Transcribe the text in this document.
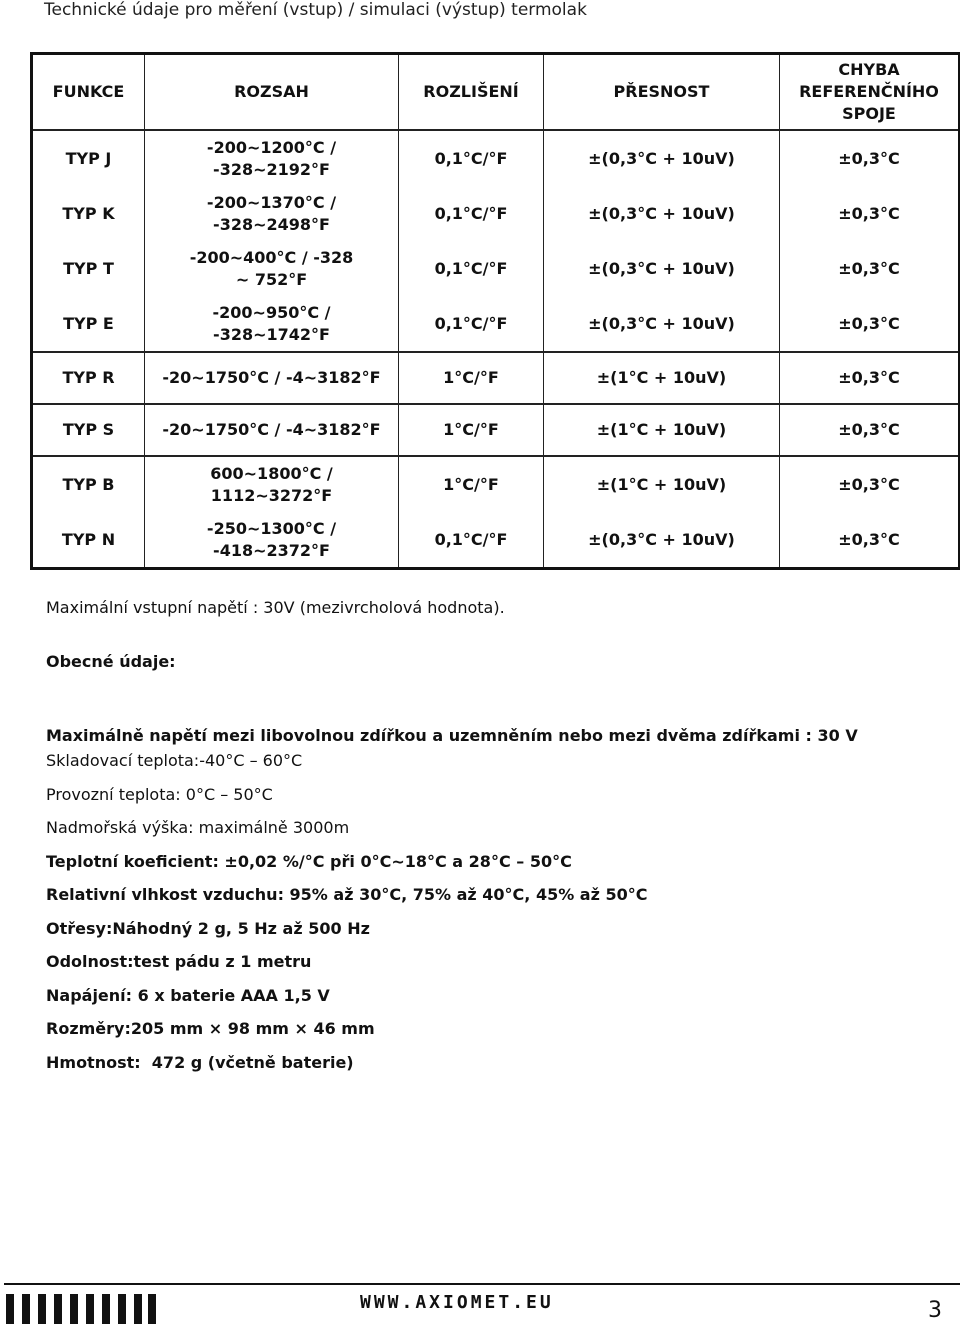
Technické údaje pro měření (vstup) / simulaci (výstup) termolak
FUNKCE	ROZSAH	ROZLIŠENÍ	PŘESNOST	CHYBA REFERENČNÍHO SPOJE
TYP J	-200~1200°C / -328~2192°F	0,1°C/°F	±(0,3°C + 10uV)	±0,3°C
TYP K	-200~1370°C / -328~2498°F	0,1°C/°F	±(0,3°C + 10uV)	±0,3°C
TYP T	-200~400°C / -328 ~ 752°F	0,1°C/°F	±(0,3°C + 10uV)	±0,3°C
TYP E	-200~950°C / -328~1742°F	0,1°C/°F	±(0,3°C + 10uV)	±0,3°C
TYP R	-20~1750°C / -4~3182°F	1°C/°F	±(1°C + 10uV)	±0,3°C
TYP S	-20~1750°C / -4~3182°F	1°C/°F	±(1°C + 10uV)	±0,3°C
TYP B	600~1800°C / 1112~3272°F	1°C/°F	±(1°C + 10uV)	±0,3°C
TYP N	-250~1300°C / -418~2372°F	0,1°C/°F	±(0,3°C + 10uV)	±0,3°C
Maximální vstupní napětí : 30V (mezivrcholová hodnota).
Obecné údaje:
Maximálně napětí mezi libovolnou zdířkou a uzemněním nebo mezi dvěma zdířkami : 30 V
Skladovací teplota:-40°C – 60°C
Provozní teplota: 0°C – 50°C
Nadmořská výška: maximálně 3000m
Teplotní koeficient: ±0,02 %/°C při 0°C~18°C a 28°C – 50°C
Relativní vlhkost vzduchu: 95% až 30°C, 75% až 40°C, 45% až 50°C
Otřesy:Náhodný 2 g, 5 Hz až 500 Hz
Odolnost:test pádu z 1 metru
Napájení: 6 x baterie AAA 1,5 V
Rozměry:205 mm × 98 mm × 46 mm
Hmotnost:  472 g (včetně baterie)
WWW.AXIOMET.EU	3
